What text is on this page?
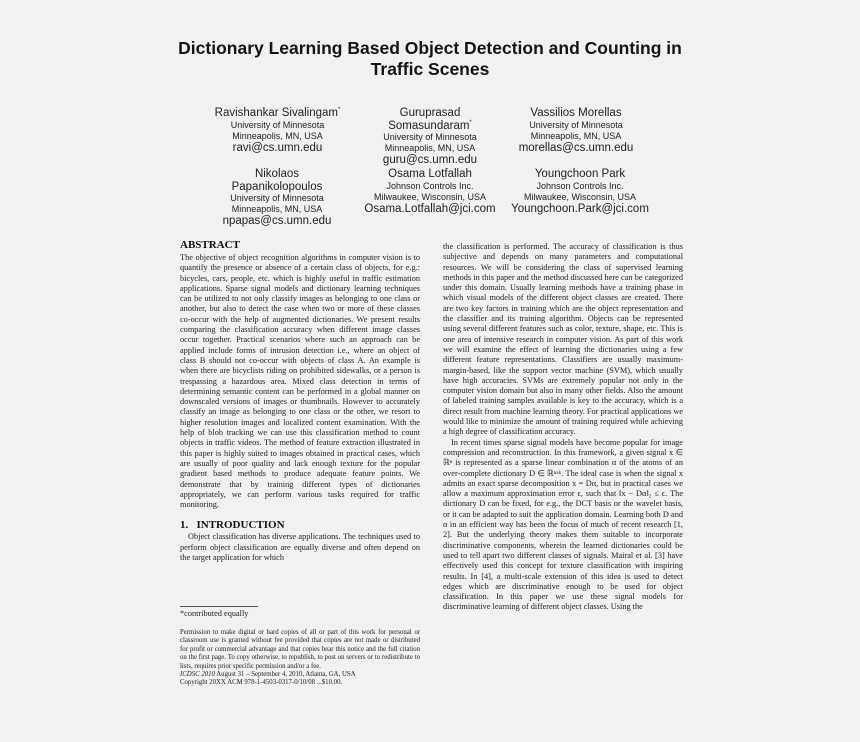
Dictionary Learning Based Object Detection and Counting in Traffic Scenes
Ravishankar Sivalingam*
University of Minnesota
Minneapolis, MN, USA
ravi@cs.umn.edu
Guruprasad Somasundaram*
University of Minnesota
Minneapolis, MN, USA
guru@cs.umn.edu
Vassilios Morellas
University of Minnesota
Minneapolis, MN, USA
morellas@cs.umn.edu
Nikolaos Papanikolopoulos
University of Minnesota
Minneapolis, MN, USA
npapas@cs.umn.edu
Osama Lotfallah
Johnson Controls Inc.
Milwaukee, Wisconsin, USA
Osama.Lotfallah@jci.com
Youngchoon Park
Johnson Controls Inc.
Milwaukee, Wisconsin, USA
Youngchoon.Park@jci.com
ABSTRACT

The objective of object recognition algorithms in computer vision is to quantify the presence or absence of a certain class of objects, for e.g.: bicycles, cars, people, etc. which is highly useful in traffic estimation applications. Sparse signal models and dictionary learning techniques can be utilized to not only classify images as belonging to one class or another, but also to detect the case when two or more of these classes co-occur with the help of augmented dictionaries. We present results comparing the classification accuracy when different image classes occur together. Practical scenarios where such an approach can be applied include forms of intrusion detection i.e., where an object of class B should not co-occur with objects of class A. An example is when there are bicyclists riding on prohibited sidewalks, or a person is trespassing a hazardous area. Mixed class detection in terms of determining semantic content can be performed in a global manner on downscaled versions of images or thumbnails. However to accurately classify an image as belonging to one class or the other, we resort to higher resolution images and localized content examination. With the help of blob tracking we can use this classification method to count objects in traffic videos. The method of feature extraction illustrated in this paper is highly suited to images obtained in practical cases, which are usually of poor quality and lack enough texture for the popular gradient based methods to produce adequate feature points. We demonstrate that by training different types of dictionaries appropriately, we can perform various tasks required for traffic monitoring.

1.   INTRODUCTION

Object classification has diverse applications. The techniques used to perform object classification are equally diverse and often depend on the target application for which

*contributed equally
Permission to make digital or hard copies of all or part of this work for personal or classroom use is granted without fee provided that copies are not made or distributed for profit or commercial advantage and that copies bear this notice and the full citation on the first page. To copy otherwise, to republish, to post on servers or to redistribute to lists, requires prior specific permission and/or a fee.
ICDSC 2010 August 31 – September 4, 2010, Atlanta, GA, USA
Copyright 20XX ACM 978-1-4503-0317-0/10/08 ...$10.00.

the classification is performed. The accuracy of classification is thus subjective and depends on many parameters and computational resources. We will be considering the class of supervised learning methods in this paper and the method discussed here can be categorized under this domain. Usually learning methods have a training phase in which visual models of the different object classes are created. There are two key factors in training which are the object representation and the classifier and its training algorithm. Objects can be represented using several different features such as color, texture, shape, etc. This is one area of intensive research in computer vision. As part of this work we will examine the effect of learning the dictionaries using a few different feature representations. Classifiers are usually maximum-margin-based, like the support vector machine (SVM), which usually have high accuracies. SVMs are extremely popular not only in the computer vision domain but also in many other fields. Also the amount of labeled training samples available is key to the accuracy, which is a direct result from machine learning theory. For practical applications we would like to minimize the amount of training required while achieving a high degree of classification accuracy.

In recent times sparse signal models have become popular for image compression and reconstruction. In this framework, a given signal x ∈ ℝⁿ is represented as a sparse linear combination α of the atoms of an over-complete dictionary D ∈ ℝⁿˣᵏ. The ideal case is when the signal x admits an exact sparse decomposition x = Dα, but in practical cases we allow a maximum approximation error ϵ, such that ‖x − Dα‖₂ ≤ ϵ. The dictionary D can be fixed, for e.g., the DCT basis or the wavelet basis, or it can be adapted to suit the application domain. Learning both D and α in an efficient way has been the focus of much of recent research [1, 2]. But the underlying theory makes them suitable to incorporate discriminative components, wherein the learned dictionaries could be used to tell apart two different classes of signals. Mairal et al. [3] have effectively used this concept for texture classification with inspiring results. In [4], a multi-scale extension of this idea is used to detect edges which are discriminative enough to be used for object classification. In this paper we use these signal models for discriminative learning of different object classes. Using the
